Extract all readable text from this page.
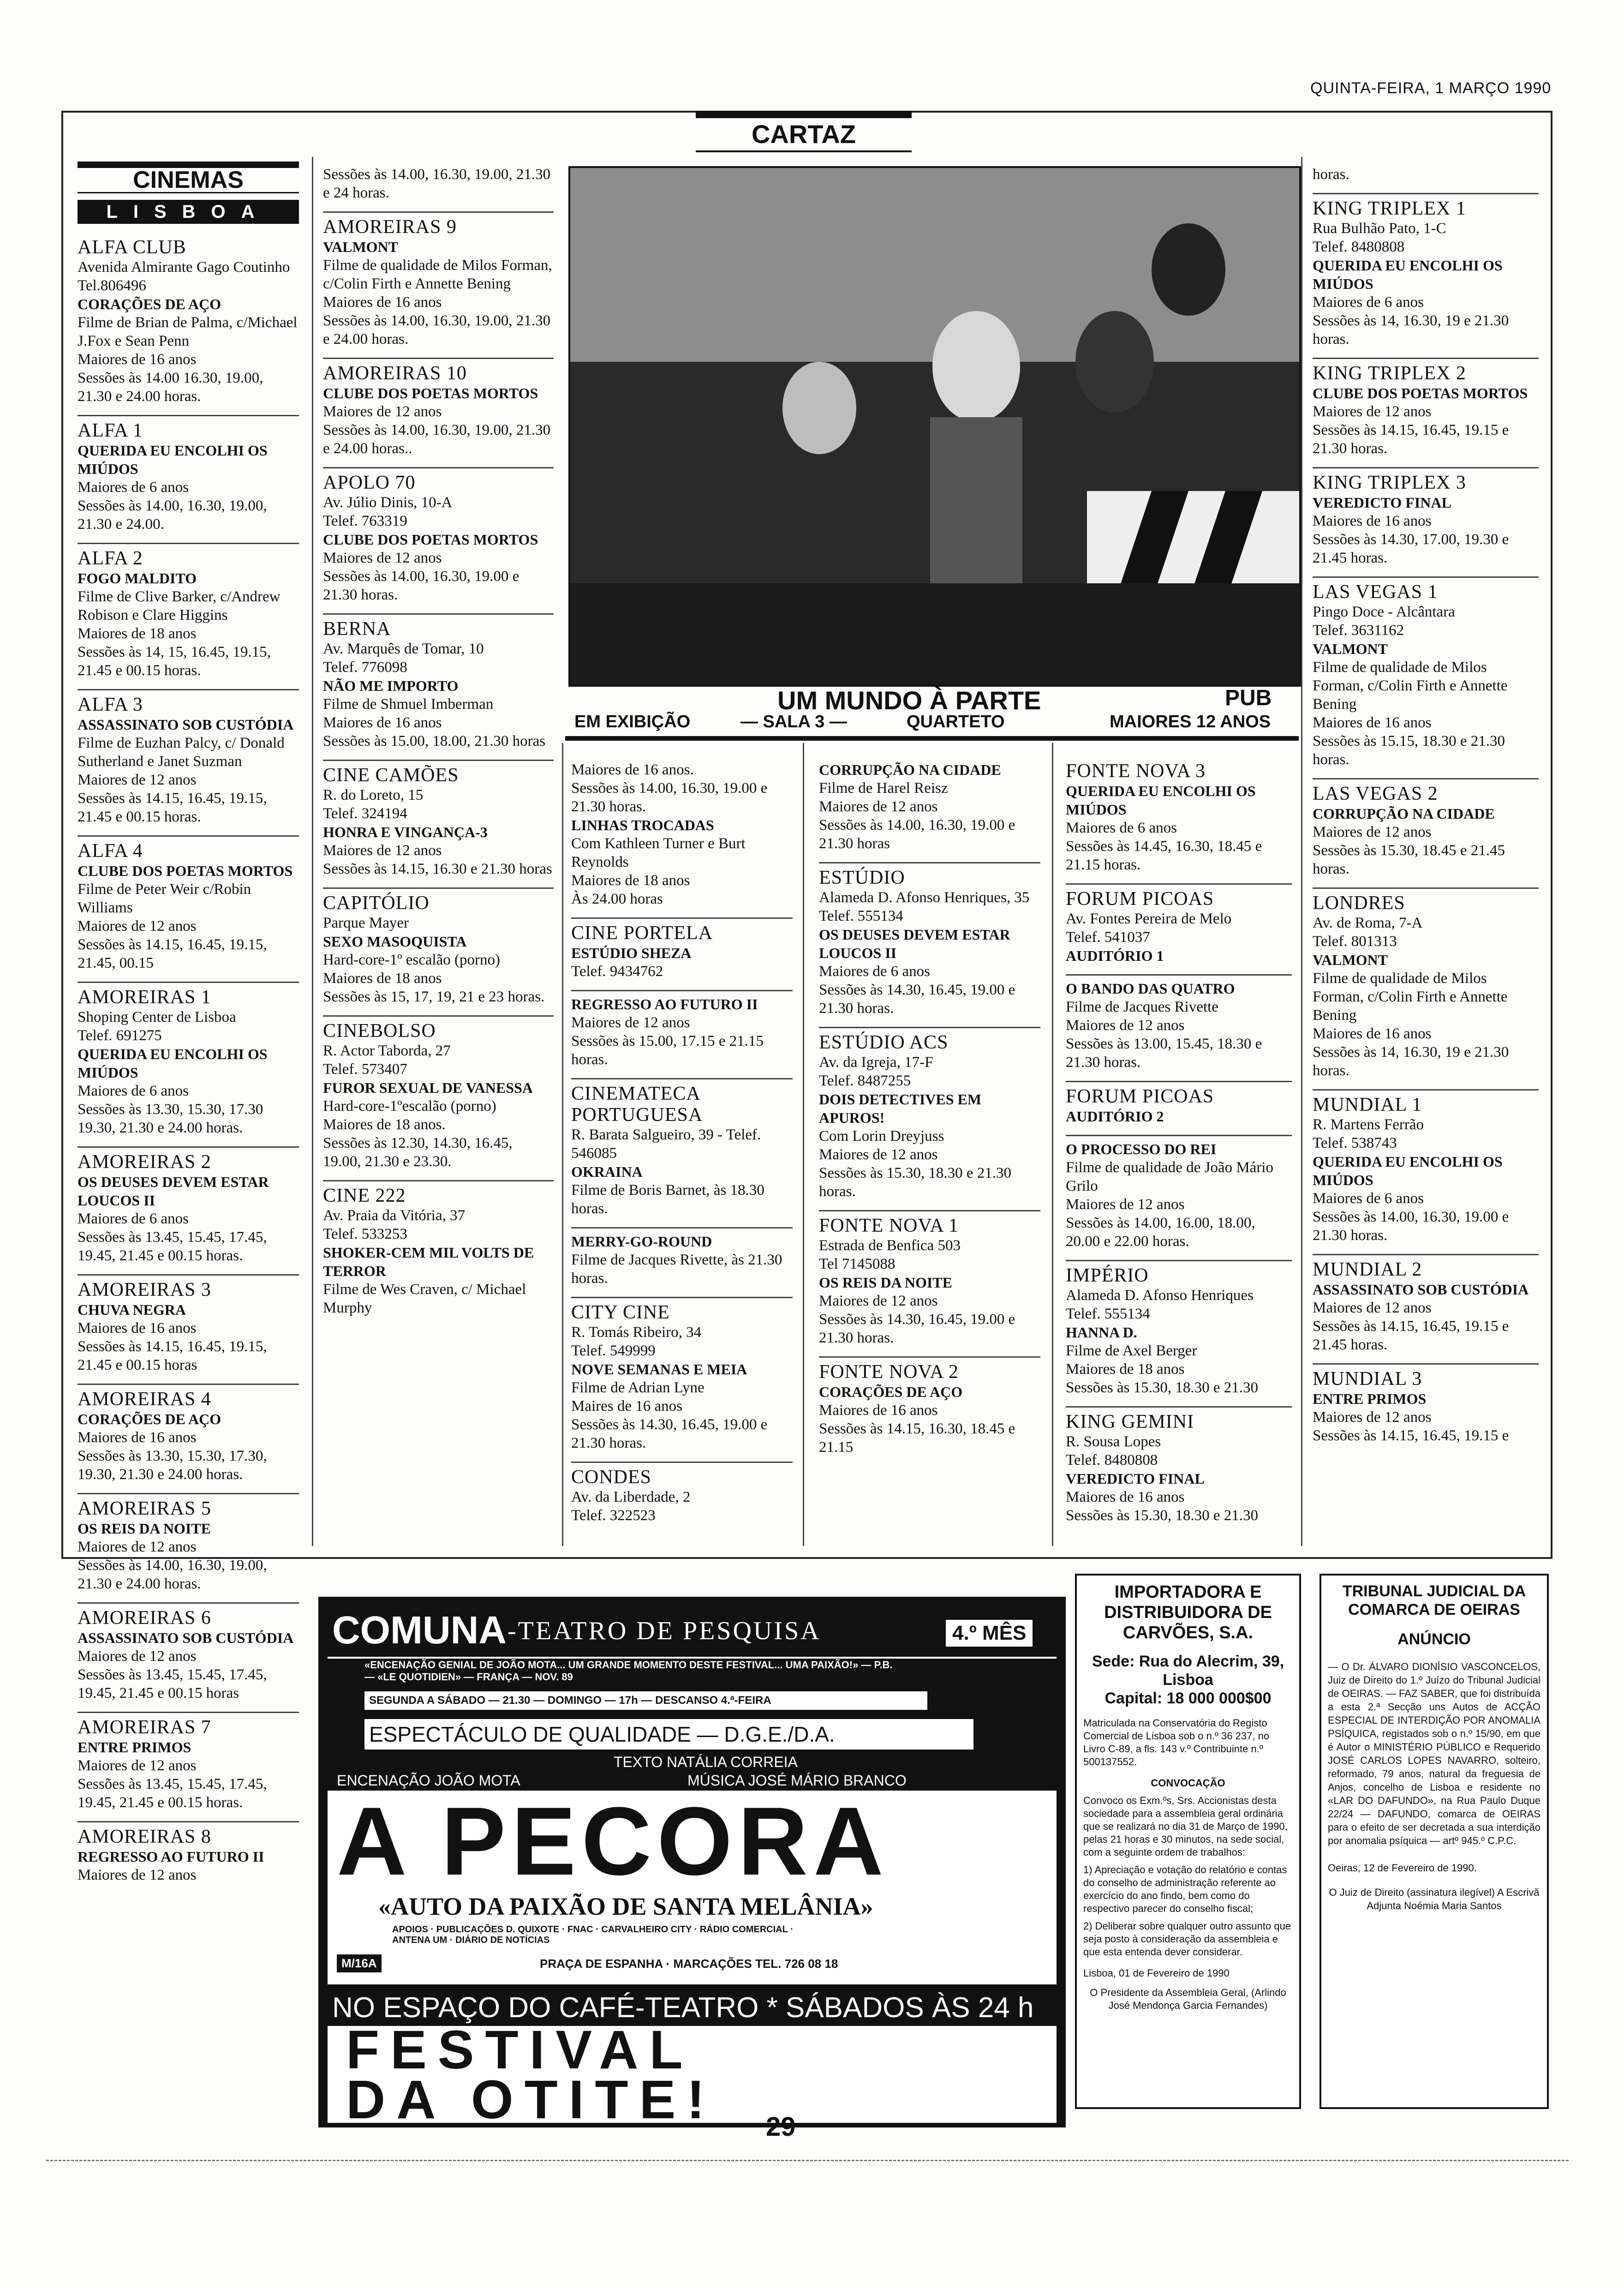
QUINTA-FEIRA, 1 MARÇO 1990
CARTAZ
CINEMAS
LISBOA

ALFA CLUB

Avenida Almirante Gago Coutinho Tel.806496

CORAÇÕES DE AÇO

Filme de Brian de Palma, c/Michael J.Fox e Sean Penn

Maiores de 16 anos

Sessões às 14.00 16.30, 19.00, 21.30 e 24.00 horas.

ALFA 1

QUERIDA EU ENCOLHI OS MIÚDOS

Maiores de 6 anos

Sessões às 14.00, 16.30, 19.00, 21.30 e 24.00.

ALFA 2

FOGO MALDITO

Filme de Clive Barker, c/Andrew Robison e Clare Higgins

Maiores de 18 anos

Sessões às 14, 15, 16.45, 19.15, 21.45 e 00.15 horas.

ALFA 3

ASSASSINATO SOB CUSTÓDIA

Filme de Euzhan Palcy, c/ Donald Sutherland e Janet Suzman

Maiores de 12 anos

Sessões às 14.15, 16.45, 19.15, 21.45 e 00.15 horas.

ALFA 4

CLUBE DOS POETAS MORTOS

Filme de Peter Weir c/Robin Williams

Maiores de 12 anos

Sessões às 14.15, 16.45, 19.15, 21.45, 00.15

AMOREIRAS 1

Shoping Center de Lisboa

Telef. 691275

QUERIDA EU ENCOLHI OS MIÚDOS

Maiores de 6 anos

Sessões às 13.30, 15.30, 17.30 19.30, 21.30 e 24.00 horas.

AMOREIRAS 2

OS DEUSES DEVEM ESTAR LOUCOS II

Maiores de 6 anos

Sessões às 13.45, 15.45, 17.45, 19.45, 21.45 e 00.15 horas.

AMOREIRAS 3

CHUVA NEGRA

Maiores de 16 anos

Sessões às 14.15, 16.45, 19.15, 21.45 e 00.15 horas

AMOREIRAS 4

CORAÇÕES DE AÇO

Maiores de 16 anos

Sessões às 13.30, 15.30, 17.30, 19.30, 21.30 e 24.00 horas.

AMOREIRAS 5

OS REIS DA NOITE

Maiores de 12 anos

Sessões às 14.00, 16.30, 19.00, 21.30 e 24.00 horas.

AMOREIRAS 6

ASSASSINATO SOB CUSTÓDIA

Maiores de 12 anos

Sessões às 13.45, 15.45, 17.45, 19.45, 21.45 e 00.15 horas

AMOREIRAS 7

ENTRE PRIMOS

Maiores de 12 anos

Sessões às 13.45, 15.45, 17.45, 19.45, 21.45 e 00.15 horas.

AMOREIRAS 8

REGRESSO AO FUTURO II

Maiores de 12 anos

Sessões às 14.00, 16.30, 19.00, 21.30 e 24 horas.

AMOREIRAS 9

VALMONT

Filme de qualidade de Milos Forman, c/Colin Firth e Annette Bening

Maiores de 16 anos

Sessões às 14.00, 16.30, 19.00, 21.30 e 24.00 horas.

AMOREIRAS 10

CLUBE DOS POETAS MORTOS

Maiores de 12 anos

Sessões às 14.00, 16.30, 19.00, 21.30 e 24.00 horas..

APOLO 70

Av. Júlio Dinis, 10-A

Telef. 763319

CLUBE DOS POETAS MORTOS

Maiores de 12 anos

Sessões às 14.00, 16.30, 19.00 e 21.30 horas.

BERNA

Av. Marquês de Tomar, 10

Telef. 776098

NÃO ME IMPORTO

Filme de Shmuel Imberman

Maiores de 16 anos

Sessões às 15.00, 18.00, 21.30 horas

CINE CAMÕES

R. do Loreto, 15

Telef. 324194

HONRA E VINGANÇA-3

Maiores de 12 anos

Sessões às 14.15, 16.30 e 21.30 horas

CAPITÓLIO

Parque Mayer

SEXO MASOQUISTA

Hard-core-1º escalão (porno)

Maiores de 18 anos

Sessões às 15, 17, 19, 21 e 23 horas.

CINEBOLSO

R. Actor Taborda, 27

Telef. 573407

FUROR SEXUAL DE VANESSA

Hard-core-1ºescalão (porno)

Maiores de 18 anos.

Sessões às 12.30, 14.30, 16.45, 19.00, 21.30 e 23.30.

CINE 222

Av. Praia da Vitória, 37

Telef. 533253

SHOKER-CEM MIL VOLTS DE TERROR

Filme de Wes Craven, c/ Michael Murphy

UM MUNDO À PARTE	PUB
EM EXIBIÇÃO	— SALA 3 —	QUARTETO	MAIORES 12 ANOS

Maiores de 16 anos.

Sessões às 14.00, 16.30, 19.00 e 21.30 horas.

LINHAS TROCADAS

Com Kathleen Turner e Burt Reynolds

Maiores de 18 anos

Às 24.00 horas

CINE PORTELA

ESTÚDIO SHEZA

Telef. 9434762

REGRESSO AO FUTURO II

Maiores de 12 anos

Sessões às 15.00, 17.15 e 21.15 horas.

CINEMATECA PORTUGUESA

R. Barata Salgueiro, 39 - Telef. 546085

OKRAINA

Filme de Boris Barnet, às 18.30 horas.

MERRY-GO-ROUND

Filme de Jacques Rivette, às 21.30 horas.

CITY CINE

R. Tomás Ribeiro, 34

Telef. 549999

NOVE SEMANAS E MEIA

Filme de Adrian Lyne

Maires de 16 anos

Sessões às 14.30, 16.45, 19.00 e 21.30 horas.

CONDES

Av. da Liberdade, 2

Telef. 322523

CORRUPÇÃO NA CIDADE

Filme de Harel Reisz

Maiores de 12 anos

Sessões às 14.00, 16.30, 19.00 e 21.30 horas

ESTÚDIO

Alameda D. Afonso Henriques, 35

Telef. 555134

OS DEUSES DEVEM ESTAR LOUCOS II

Maiores de 6 anos

Sessões às 14.30, 16.45, 19.00 e 21.30 horas.

ESTÚDIO ACS

Av. da Igreja, 17-F

Telef. 8487255

DOIS DETECTIVES EM APUROS!

Com Lorin Dreyjuss

Maiores de 12 anos

Sessões às 15.30, 18.30 e 21.30 horas.

FONTE NOVA 1

Estrada de Benfica 503

Tel 7145088

OS REIS DA NOITE

Maiores de 12 anos

Sessões às 14.30, 16.45, 19.00 e 21.30 horas.

FONTE NOVA 2

CORAÇÕES DE AÇO

Maiores de 16 anos

Sessões às 14.15, 16.30, 18.45 e 21.15

FONTE NOVA 3

QUERIDA EU ENCOLHI OS MIÚDOS

Maiores de 6 anos

Sessões às 14.45, 16.30, 18.45 e 21.15 horas.

FORUM PICOAS

Av. Fontes Pereira de Melo

Telef. 541037

AUDITÓRIO 1

O BANDO DAS QUATRO

Filme de Jacques Rivette

Maiores de 12 anos

Sessões às 13.00, 15.45, 18.30 e 21.30 horas.

FORUM PICOAS

AUDITÓRIO 2

O PROCESSO DO REI

Filme de qualidade de João Mário Grilo

Maiores de 12 anos

Sessões às 14.00, 16.00, 18.00, 20.00 e 22.00 horas.

IMPÉRIO

Alameda D. Afonso Henriques

Telef. 555134

HANNA D.

Filme de Axel Berger

Maiores de 18 anos

Sessões às 15.30, 18.30 e 21.30

KING GEMINI

R. Sousa Lopes

Telef. 8480808

VEREDICTO FINAL

Maiores de 16 anos

Sessões às 15.30, 18.30 e 21.30

horas.

KING TRIPLEX 1

Rua Bulhão Pato, 1-C

Telef. 8480808

QUERIDA EU ENCOLHI OS MIÚDOS

Maiores de 6 anos

Sessões às 14, 16.30, 19 e 21.30 horas.

KING TRIPLEX 2

CLUBE DOS POETAS MORTOS

Maiores de 12 anos

Sessões às 14.15, 16.45, 19.15 e 21.30 horas.

KING TRIPLEX 3

VEREDICTO FINAL

Maiores de 16 anos

Sessões às 14.30, 17.00, 19.30 e 21.45 horas.

LAS VEGAS 1

Pingo Doce - Alcântara

Telef. 3631162

VALMONT

Filme de qualidade de Milos Forman, c/Colin Firth e Annette Bening

Maiores de 16 anos

Sessões às 15.15, 18.30 e 21.30 horas.

LAS VEGAS 2

CORRUPÇÃO NA CIDADE

Maiores de 12 anos

Sessões às 15.30, 18.45 e 21.45 horas.

LONDRES

Av. de Roma, 7-A

Telef. 801313

VALMONT

Filme de qualidade de Milos Forman, c/Colin Firth e Annette Bening

Maiores de 16 anos

Sessões às 14, 16.30, 19 e 21.30 horas.

MUNDIAL 1

R. Martens Ferrão

Telef. 538743

QUERIDA EU ENCOLHI OS MIÚDOS

Maiores de 6 anos

Sessões às 14.00, 16.30, 19.00 e 21.30 horas.

MUNDIAL 2

ASSASSINATO SOB CUSTÓDIA

Maiores de 12 anos

Sessões às 14.15, 16.45, 19.15 e 21.45 horas.

MUNDIAL 3

ENTRE PRIMOS

Maiores de 12 anos

Sessões às 14.15, 16.45, 19.15 e

COMUNA -TEATRO DE PESQUISA	4.º MÊS
«ENCENAÇÃO GENIAL DE JOÃO MOTA... UM GRANDE MOMENTO DESTE FESTIVAL... UMA PAIXÃO!» — P.B. — «LE QUOTIDIEN» — FRANÇA — NOV. 89
SEGUNDA A SÁBADO — 21.30 — DOMINGO — 17h — DESCANSO 4.ª-FEIRA
ESPECTÁCULO DE QUALIDADE — D.G.E./D.A.
TEXTO NATÁLIA CORREIA
ENCENAÇÃO JOÃO MOTA	MÚSICA JOSÉ MÁRIO BRANCO
A PECORA
«AUTO DA PAIXÃO DE SANTA MELÂNIA»
APOIOS · PUBLICAÇÕES D. QUIXOTE · FNAC · CARVALHEIRO CITY · RÁDIO COMERCIAL · ANTENA UM · DIÁRIO DE NOTÍCIAS
M/16A	PRAÇA DE ESPANHA · MARCAÇÕES TEL. 726 08 18
NO ESPAÇO DO CAFÉ-TEATRO * SÁBADOS ÀS 24 h
FESTIVAL
DA OTITE!
IMPORTADORA E DISTRIBUIDORA DE CARVÕES, S.A.
Sede: Rua do Alecrim, 39, Lisboa
Capital: 18 000 000$00
Matriculada na Conservatória do Registo Comercial de Lisboa sob o n.º 36 237, no Livro C-89, a fls. 143 v.º Contribuinte n.º 500137552.
CONVOCAÇÃO
Convoco os Exm.ºs, Srs. Accionistas desta sociedade para a assembleia geral ordinária que se realizará no dia 31 de Março de 1990, pelas 21 horas e 30 minutos, na sede social, com a seguinte ordem de trabalhos:
1) Apreciação e votação do relatório e contas do conselho de administração referente ao exercício do ano findo, bem como do respectivo parecer do conselho fiscal;
2) Deliberar sobre qualquer outro assunto que seja posto à consideração da assembleia e que esta entenda dever considerar.
Lisboa, 01 de Fevereiro de 1990
O Presidente da Assembleia Geral, (Arlindo José Mendonça Garcia Fernandes)
TRIBUNAL JUDICIAL DA COMARCA DE OEIRAS
ANÚNCIO
— O Dr. ÁLVARO DIONÍSIO VASCONCELOS, Juiz de Direito do 1.º Juízo do Tribunal Judicial de OEIRAS. — FAZ SABER, que foi distribuída a esta 2.ª Secção uns Autos de ACÇÃO ESPECIAL DE INTERDIÇÃO POR ANOMALIA PSÍQUICA, registados sob o n.º 15/90, em que é Autor o MINISTÉRIO PÚBLICO e Requerido JOSÉ CARLOS LOPES NAVARRO, solteiro, reformado, 79 anos, natural da freguesia de Anjos, concelho de Lisboa e residente no «LAR DO DAFUNDO», na Rua Paulo Duque 22/24 — DAFUNDO, comarca de OEIRAS para o efeito de ser decretada a sua interdição por anomalia psíquica — artº 945.º C.P.C.
Oeiras, 12 de Fevereiro de 1990.
O Juiz de Direito (assinatura ilegível) A Escrivã Adjunta Noémia Maria Santos
29
